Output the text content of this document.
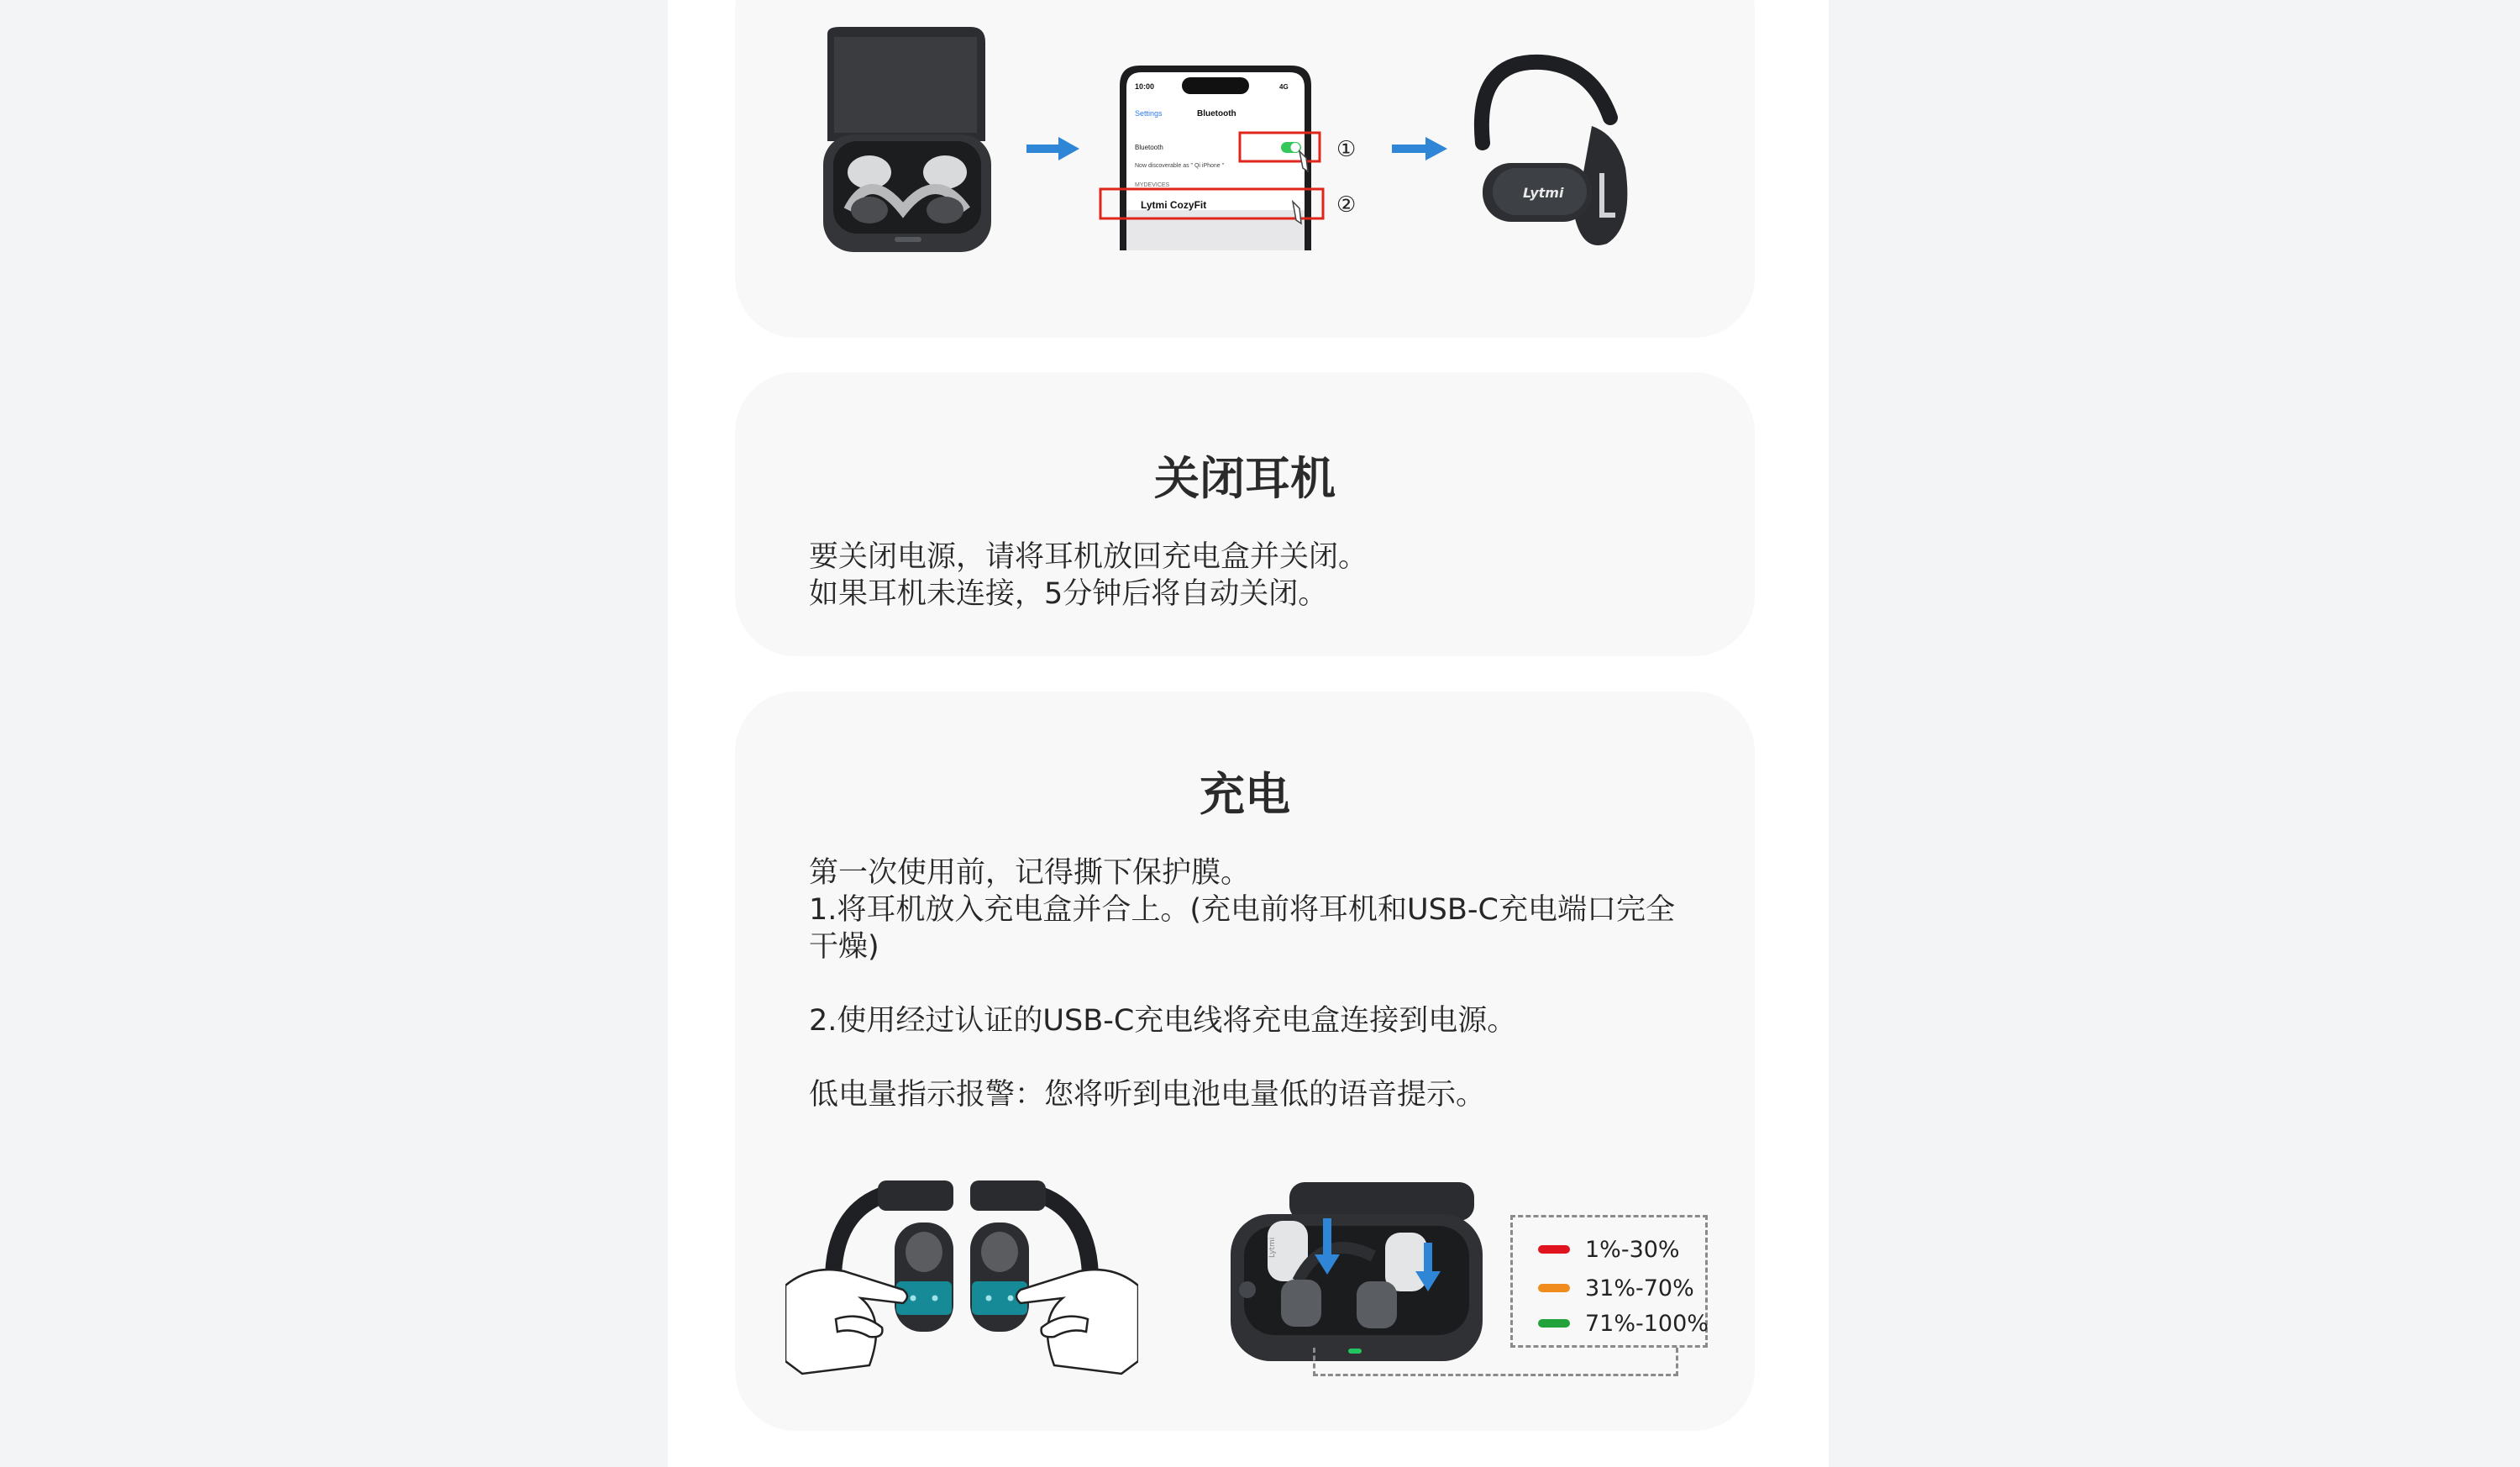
10:00	4G
Settings	Bluetooth
Bluetooth
Now discoverable as " Qi iPhone "
MYDEVICES
Lytmi CozyFit
①
②	Lytmi
关闭耳机

要关闭电源，请将耳机放回充电盒并关闭。

如果耳机未连接，5分钟后将自动关闭。

充电

第一次使用前，记得撕下保护膜。

1.将耳机放入充电盒并合上。(充电前将耳机和USB-C充电端口完全干燥)

2.使用经过认证的USB-C充电线将充电盒连接到电源。

低电量指示报警：您将听到电池电量低的语音提示。

Lytmi	1%-30%
31%-70%
71%-100%
